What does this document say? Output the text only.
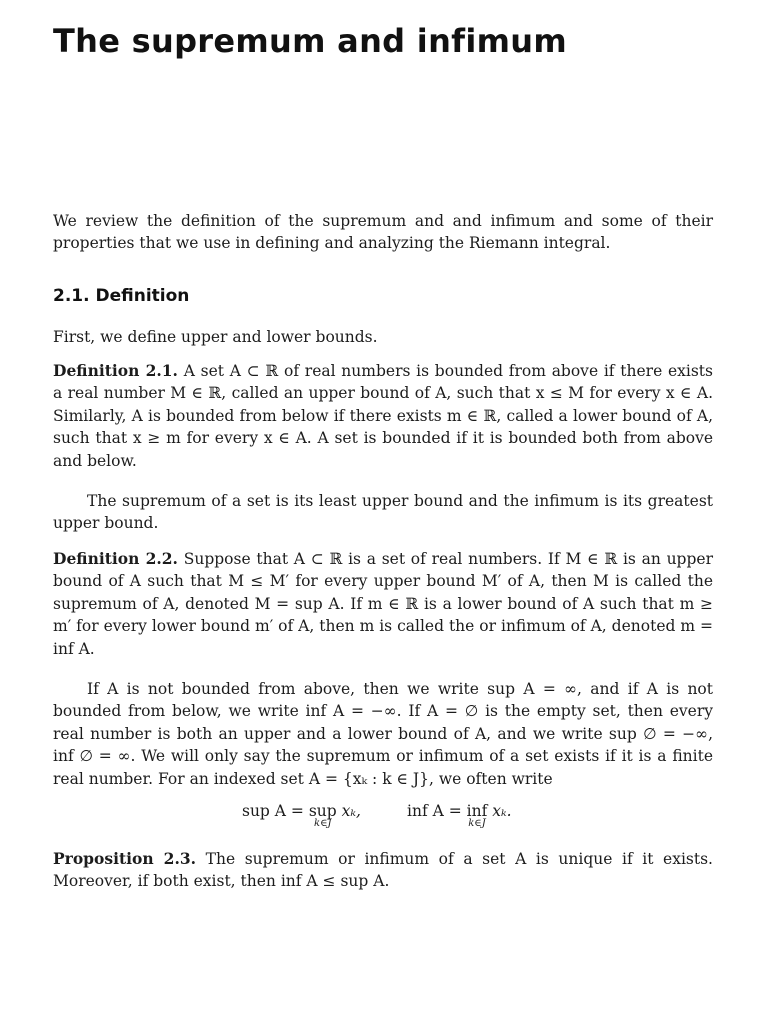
The supremum and infimum

We review the definition of the supremum and and infimum and some of their properties that we use in defining and analyzing the Riemann integral.

2.1. Definition

First, we define upper and lower bounds.

Definition 2.1. A set A ⊂ ℝ of real numbers is bounded from above if there exists a real number M ∈ ℝ, called an upper bound of A, such that x ≤ M for every x ∈ A. Similarly, A is bounded from below if there exists m ∈ ℝ, called a lower bound of A, such that x ≥ m for every x ∈ A. A set is bounded if it is bounded both from above and below.

The supremum of a set is its least upper bound and the infimum is its greatest upper bound.

Definition 2.2. Suppose that A ⊂ ℝ is a set of real numbers. If M ∈ ℝ is an upper bound of A such that M ≤ M′ for every upper bound M′ of A, then M is called the supremum of A, denoted M = sup A. If m ∈ ℝ is a lower bound of A such that m ≥ m′ for every lower bound m′ of A, then m is called the or infimum of A, denoted m = inf A.

If A is not bounded from above, then we write sup A = ∞, and if A is not bounded from below, we write inf A = −∞. If A = ∅ is the empty set, then every real number is both an upper and a lower bound of A, and we write sup ∅ = −∞, inf ∅ = ∞. We will only say the supremum or infimum of a set exists if it is a finite real number. For an indexed set A = {xₖ : k ∈ J}, we often write

sup A = sup
k∈J
xₖ,	inf A = inf
k∈J
xₖ.

Proposition 2.3. The supremum or infimum of a set A is unique if it exists. Moreover, if both exist, then inf A ≤ sup A.
